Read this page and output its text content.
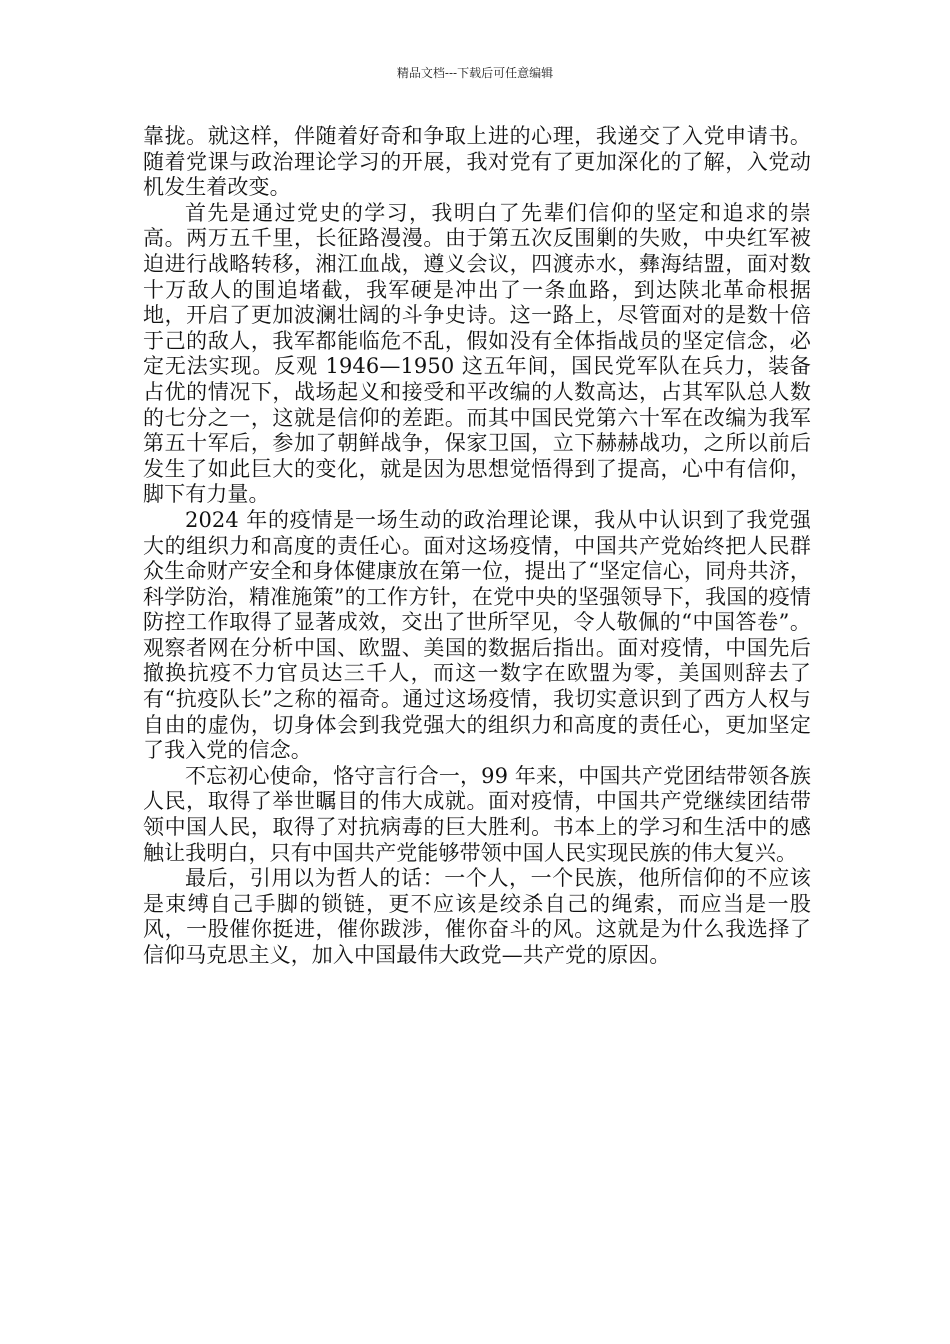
精品文档---下载后可任意编辑

靠拢。就这样，伴随着好奇和争取上进的心理，我递交了入党申请书。随着党课与政治理论学习的开展，我对党有了更加深化的了解，入党动机发生着改变。

首先是通过党史的学习，我明白了先辈们信仰的坚定和追求的崇高。两万五千里，长征路漫漫。由于第五次反围剿的失败，中央红军被迫进行战略转移，湘江血战，遵义会议，四渡赤水，彝海结盟，面对数十万敌人的围追堵截，我军硬是冲出了一条血路，到达陕北革命根据地，开启了更加波澜壮阔的斗争史诗。这一路上，尽管面对的是数十倍于己的敌人，我军都能临危不乱，假如没有全体指战员的坚定信念，必定无法实现。反观 1946—1950 这五年间，国民党军队在兵力，装备占优的情况下，战场起义和接受和平改编的人数高达，占其军队总人数的七分之一，这就是信仰的差距。而其中国民党第六十军在改编为我军第五十军后，参加了朝鲜战争，保家卫国，立下赫赫战功，之所以前后发生了如此巨大的变化，就是因为思想觉悟得到了提高，心中有信仰，脚下有力量。

2024 年的疫情是一场生动的政治理论课，我从中认识到了我党强大的组织力和高度的责任心。面对这场疫情，中国共产党始终把人民群众生命财产安全和身体健康放在第一位，提出了“坚定信心，同舟共济，科学防治，精准施策”的工作方针，在党中央的坚强领导下，我国的疫情防控工作取得了显著成效，交出了世所罕见，令人敬佩的“中国答卷”。观察者网在分析中国、欧盟、美国的数据后指出。面对疫情，中国先后撤换抗疫不力官员达三千人，而这一数字在欧盟为零，美国则辞去了有“抗疫队长”之称的福奇。通过这场疫情，我切实意识到了西方人权与自由的虚伪，切身体会到我党强大的组织力和高度的责任心，更加坚定了我入党的信念。

不忘初心使命，恪守言行合一，99 年来，中国共产党团结带领各族人民，取得了举世瞩目的伟大成就。面对疫情，中国共产党继续团结带领中国人民，取得了对抗病毒的巨大胜利。书本上的学习和生活中的感触让我明白，只有中国共产党能够带领中国人民实现民族的伟大复兴。

最后，引用以为哲人的话：一个人，一个民族，他所信仰的不应该是束缚自己手脚的锁链，更不应该是绞杀自己的绳索，而应当是一股风，一股催你挺进，催你跋涉，催你奋斗的风。这就是为什么我选择了信仰马克思主义，加入中国最伟大政党—共产党的原因。
